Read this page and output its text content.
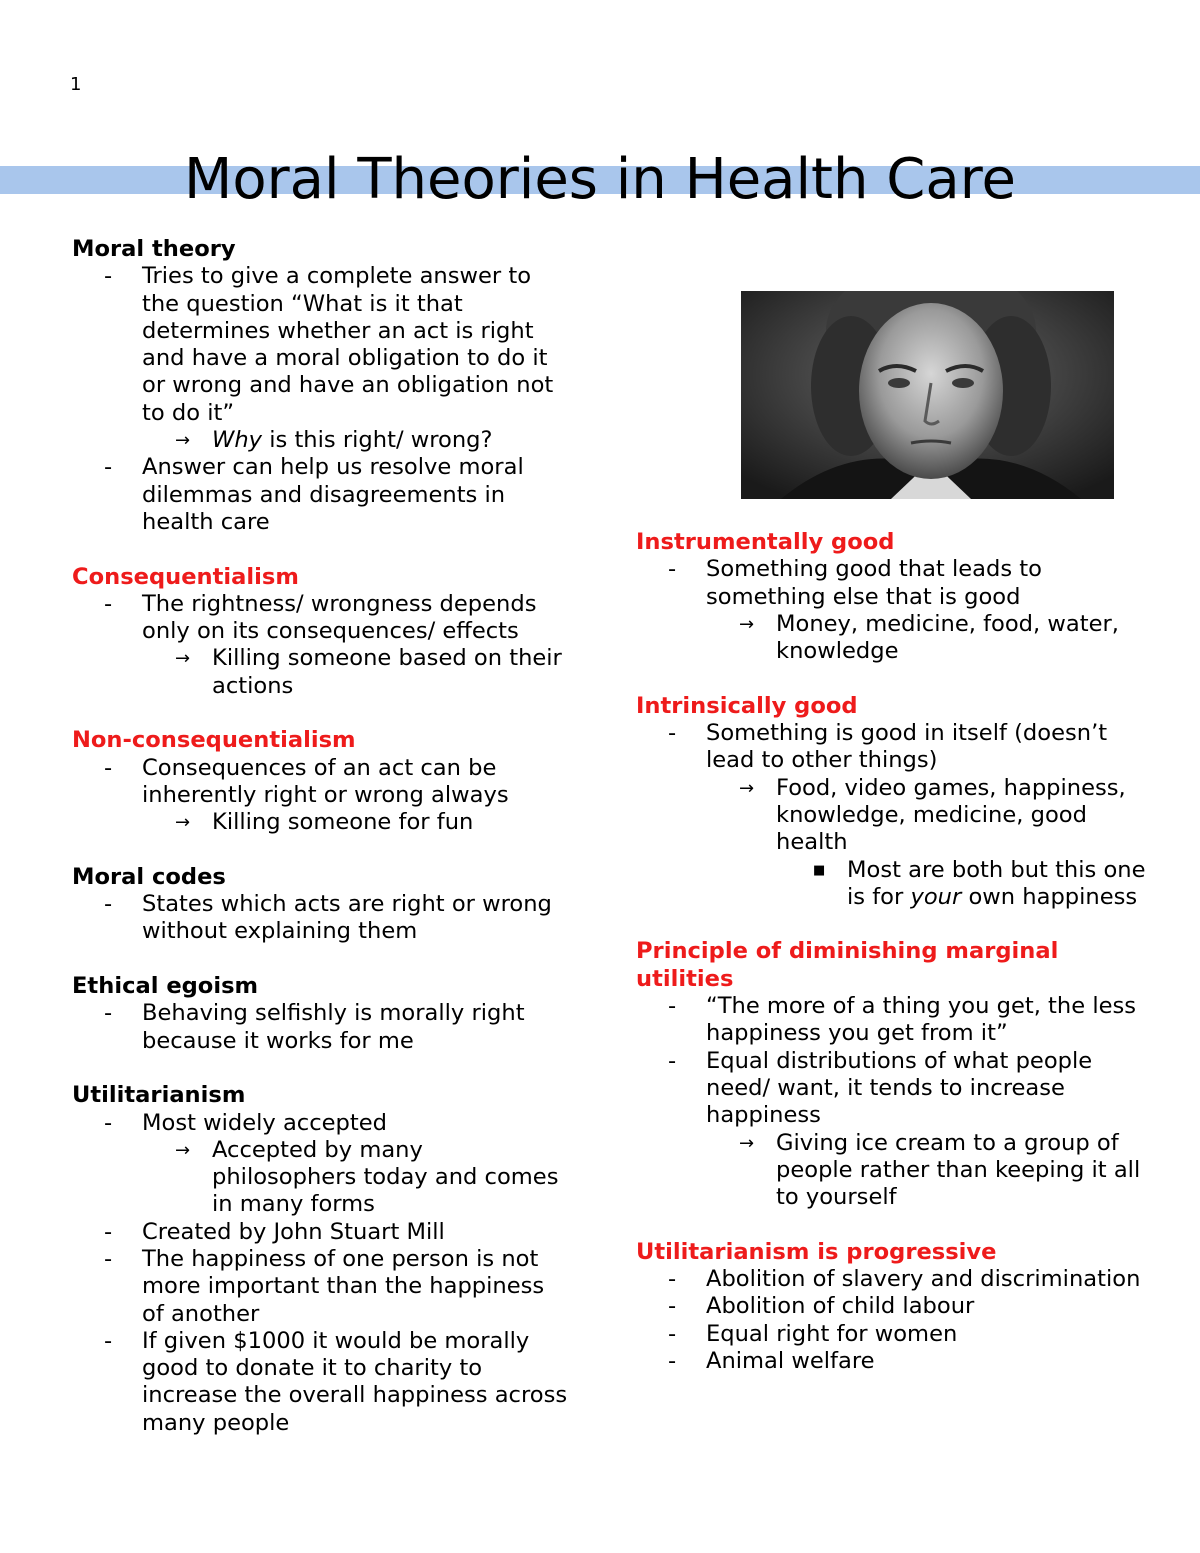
1
Moral Theories in Health Care
Moral theory
- Tries to give a complete answer to the question “What is it that determines whether an act is right and have a moral obligation to do it or wrong and have an obligation not to do it”
→ Why is this right/ wrong?
- Answer can help us resolve moral dilemmas and disagreements in health care
Consequentialism
- The rightness/ wrongness depends only on its consequences/ effects
→ Killing someone based on their actions
Non-consequentialism
- Consequences of an act can be inherently right or wrong always
→ Killing someone for fun
Moral codes
- States which acts are right or wrong without explaining them
Ethical egoism
- Behaving selfishly is morally right because it works for me
Utilitarianism
- Most widely accepted
→ Accepted by many philosophers today and comes in many forms
- Created by John Stuart Mill
- The happiness of one person is not more important than the happiness of another
- If given $1000 it would be morally good to donate it to charity to increase the overall happiness across many people
Instrumentally good
- Something good that leads to something else that is good
→ Money, medicine, food, water, knowledge
Intrinsically good
- Something is good in itself (doesn’t lead to other things)
→ Food, video games, happiness, knowledge, medicine, good health
■ Most are both but this one is for your own happiness
Principle of diminishing marginal utilities
- “The more of a thing you get, the less happiness you get from it”
- Equal distributions of what people need/ want, it tends to increase happiness
→ Giving ice cream to a group of people rather than keeping it all to yourself
Utilitarianism is progressive
- Abolition of slavery and discrimination
- Abolition of child labour
- Equal right for women
- Animal welfare
